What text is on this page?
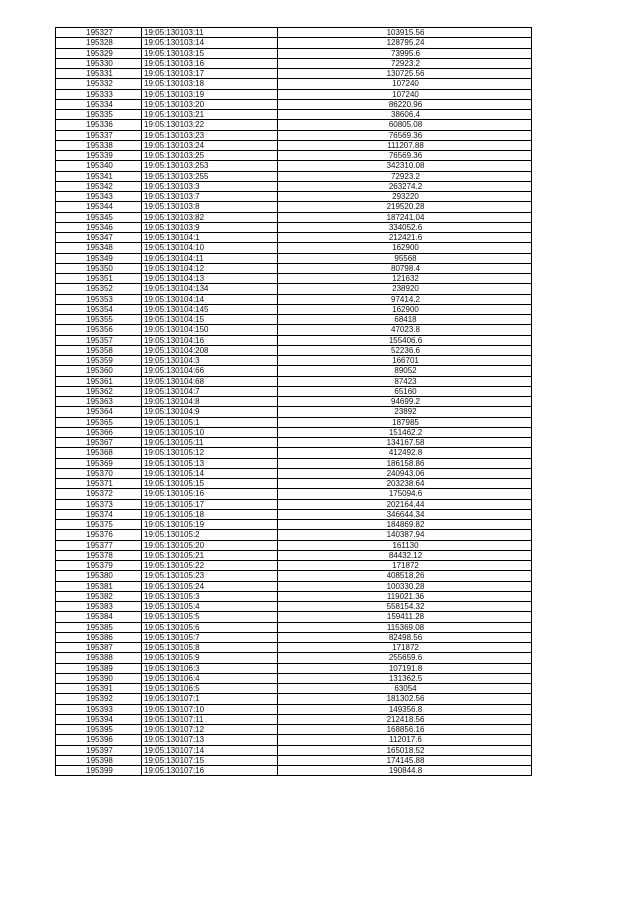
195327	19:05:130103:11	103915.56
195328	19:05:130103:14	128795.24
195329	19:05:130103:15	73995.6
195330	19:05:130103:16	72923.2
195331	19:05:130103:17	130725.56
195332	19:05:130103:18	107240
195333	19:05:130103:19	107240
195334	19:05:130103:20	86220.96
195335	19:05:130103:21	38606.4
195336	19:05:130103:22	60805.08
195337	19:05:130103:23	76569.36
195338	19:05:130103:24	111207.88
195339	19:05:130103:25	76569.36
195340	19:05:130103:253	342310.08
195341	19:05:130103:255	72923.2
195342	19:05:130103:3	263274.2
195343	19:05:130103:7	293220
195344	19:05:130103:8	219520.28
195345	19:05:130103:82	187241.04
195346	19:05:130103:9	334052.6
195347	19:05:130104:1	212421.6
195348	19:05:130104:10	162900
195349	19:05:130104:11	95568
195350	19:05:130104:12	80798.4
195351	19:05:130104:13	121632
195352	19:05:130104:134	238920
195353	19:05:130104:14	97414.2
195354	19:05:130104:145	162900
195355	19:05:130104:15	68418
195356	19:05:130104:150	47023.8
195357	19:05:130104:16	155406.6
195358	19:05:130104:208	52236.6
195359	19:05:130104:3	166701
195360	19:05:130104:66	89052
195361	19:05:130104:68	87423
195362	19:05:130104:7	65160
195363	19:05:130104:8	94699.2
195364	19:05:130104:9	23892
195365	19:05:130105:1	187985
195366	19:05:130105:10	151462.2
195367	19:05:130105:11	134167.58
195368	19:05:130105:12	412492.8
195369	19:05:130105:13	186158.86
195370	19:05:130105:14	240943.06
195371	19:05:130105:15	203238.64
195372	19:05:130105:16	175094.6
195373	19:05:130105:17	202164.44
195374	19:05:130105:18	346644.34
195375	19:05:130105:19	184869.82
195376	19:05:130105:2	140387.94
195377	19:05:130105:20	161130
195378	19:05:130105:21	84432.12
195379	19:05:130105:22	171872
195380	19:05:130105:23	408518.26
195381	19:05:130105:24	100330.28
195382	19:05:130105:3	119021.36
195383	19:05:130105:4	558154.32
195384	19:05:130105:5	159411.28
195385	19:05:130105:6	115369.08
195386	19:05:130105:7	82498.56
195387	19:05:130105:8	171872
195388	19:05:130105:9	255659.6
195389	19:05:130106:3	107191.8
195390	19:05:130106:4	131362.5
195391	19:05:130106:5	63054
195392	19:05:130107:1	181302.56
195393	19:05:130107:10	149356.8
195394	19:05:130107:11	212418.56
195395	19:05:130107:12	168856.16
195396	19:05:130107:13	112017.6
195397	19:05:130107:14	165018.52
195398	19:05:130107:15	174145.88
195399	19:05:130107:16	190844.8
